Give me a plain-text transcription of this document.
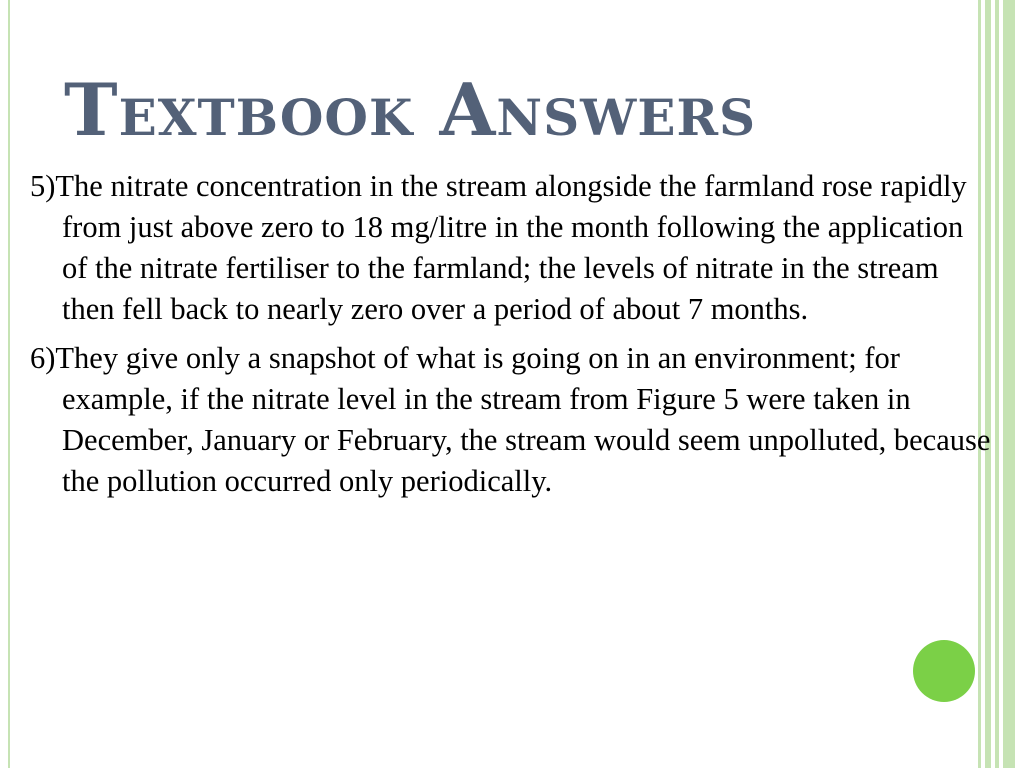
Textbook Answers

5)The nitrate concentration in the stream alongside the farmland rose rapidly from just above zero to 18 mg/litre in the month following the application of the nitrate fertiliser to the farmland; the levels of nitrate in the stream then fell back to nearly zero over a period of about 7 months.

6)They give only a snapshot of what is going on in an environment; for example, if the nitrate level in the stream from Figure 5 were taken in December, January or February, the stream would seem unpolluted, because the pollution occurred only periodically.
